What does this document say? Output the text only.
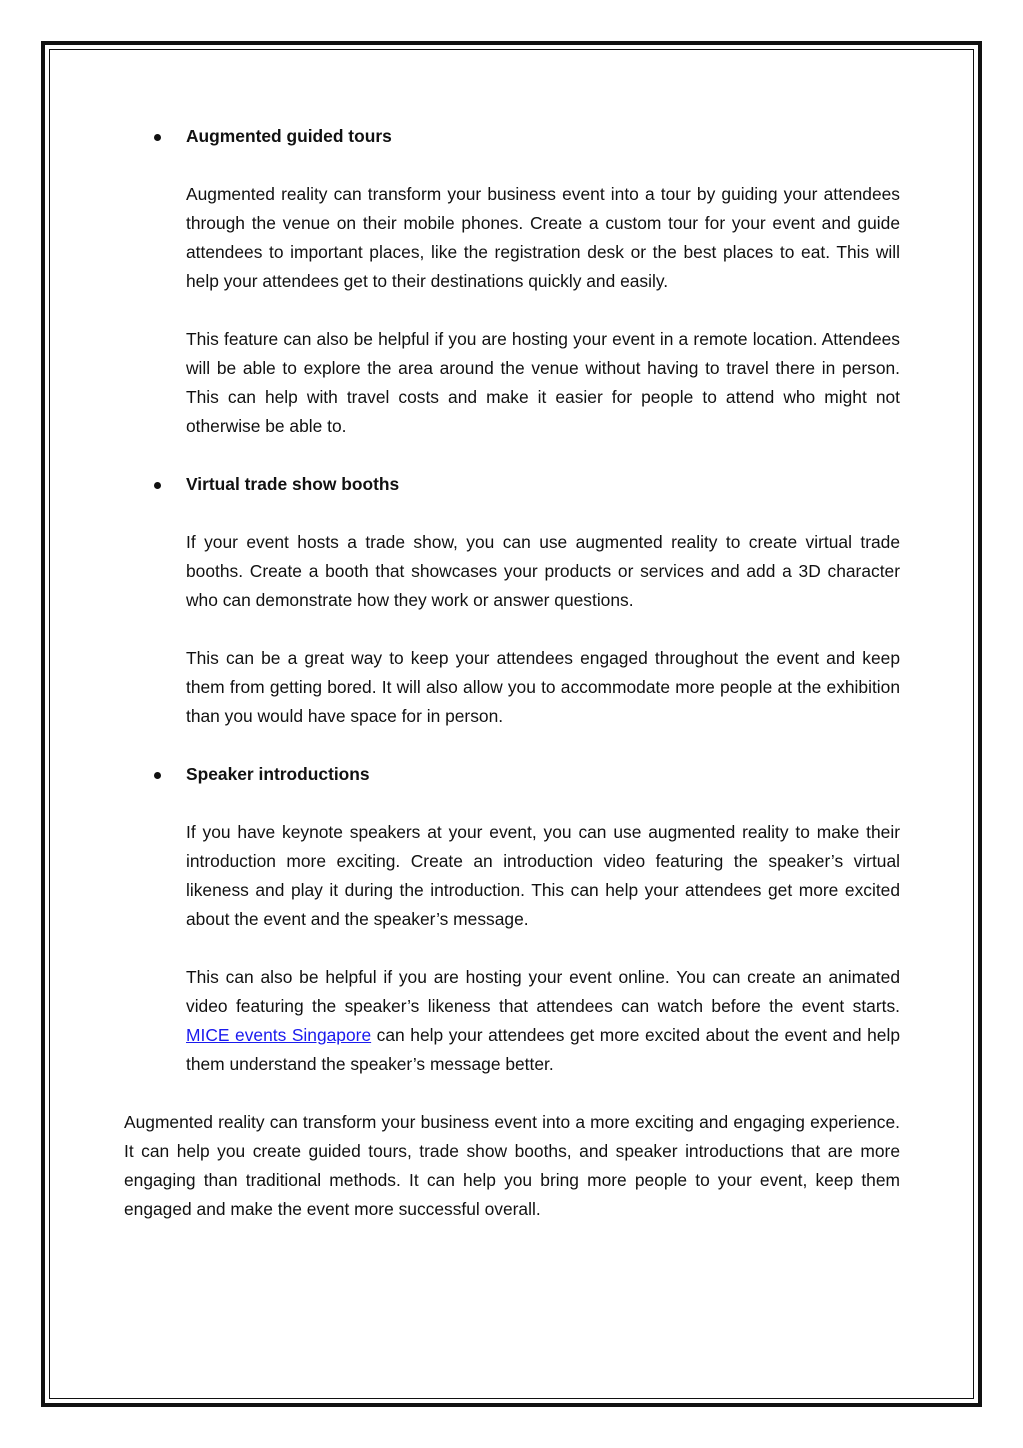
Augmented guided tours

Augmented reality can transform your business event into a tour by guiding your attendees through the venue on their mobile phones. Create a custom tour for your event and guide attendees to important places, like the registration desk or the best places to eat. This will help your attendees get to their destinations quickly and easily.

This feature can also be helpful if you are hosting your event in a remote location. Attendees will be able to explore the area around the venue without having to travel there in person. This can help with travel costs and make it easier for people to attend who might not otherwise be able to.

Virtual trade show booths

If your event hosts a trade show, you can use augmented reality to create virtual trade booths. Create a booth that showcases your products or services and add a 3D character who can demonstrate how they work or answer questions.

This can be a great way to keep your attendees engaged throughout the event and keep them from getting bored. It will also allow you to accommodate more people at the exhibition than you would have space for in person.

Speaker introductions

If you have keynote speakers at your event, you can use augmented reality to make their introduction more exciting. Create an introduction video featuring the speaker’s virtual likeness and play it during the introduction. This can help your attendees get more excited about the event and the speaker’s message.

This can also be helpful if you are hosting your event online. You can create an animated video featuring the speaker’s likeness that attendees can watch before the event starts. MICE events Singapore can help your attendees get more excited about the event and help them understand the speaker’s message better.

Augmented reality can transform your business event into a more exciting and engaging experience. It can help you create guided tours, trade show booths, and speaker introductions that are more engaging than traditional methods. It can help you bring more people to your event, keep them engaged and make the event more successful overall.
